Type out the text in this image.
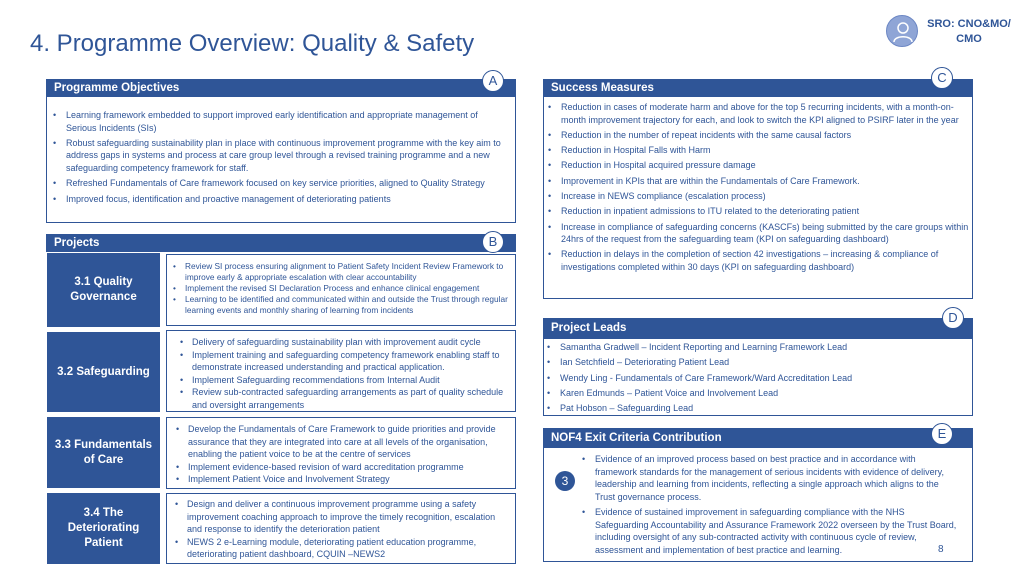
4. Programme Overview: Quality & Safety
SRO: CNO&MO/ CMO
Programme Objectives	A
• Learning framework embedded to support improved early identification and appropriate management of Serious Incidents (SIs)
• Robust safeguarding sustainability plan in place with continuous improvement programme with the key aim to address gaps in systems and process at care group level through a revised training programme and a new safeguarding competency framework for staff.
• Refreshed Fundamentals of Care framework focused on key service priorities, aligned to Quality Strategy
• Improved focus, identification and proactive management of deteriorating patients
Projects	B
3.1 Quality Governance
• Review SI process ensuring alignment to Patient Safety Incident Review Framework to improve early & appropriate escalation with clear accountability
• Implement the revised SI Declaration Process and enhance clinical engagement
• Learning to be identified and communicated within and outside the Trust through regular learning events and monthly sharing of learning from incidents
3.2 Safeguarding
• Delivery of safeguarding sustainability plan with improvement audit cycle
• Implement training and safeguarding competency framework enabling staff to demonstrate increased understanding and practical application.
• Implement Safeguarding recommendations from Internal Audit
• Review sub-contracted safeguarding arrangements as part of quality schedule and oversight arrangements
3.3 Fundamentals of Care
• Develop the Fundamentals of Care Framework to guide priorities and provide assurance that they are integrated into care at all levels of the organisation, enabling the patient voice to be at the centre of services
• Implement evidence-based revision of ward accreditation programme
• Implement Patient Voice and Involvement Strategy
3.4 The Deteriorating Patient
• Design and deliver a continuous improvement programme using a safety improvement coaching approach to improve the timely recognition, escalation and response to identify the deterioration patient
• NEWS 2 e-Learning module, deteriorating patient education programme, deteriorating patient dashboard, CQUIN –NEWS2
Success Measures
C
• Reduction in cases of moderate harm and above for the top 5 recurring incidents, with a month-on-month improvement trajectory for each, and look to switch the KPI aligned to PSIRF later in the year
• Reduction in the number of repeat incidents with the same causal factors
• Reduction in Hospital Falls with Harm
• Reduction in Hospital acquired pressure damage
• Improvement in KPIs that are within the Fundamentals of Care Framework.
• Increase in NEWS compliance (escalation process)
• Reduction in inpatient admissions to ITU related to the deteriorating patient
• Increase in compliance of safeguarding concerns (KASCFs) being submitted by the care groups within 24hrs of the request from the safeguarding team (KPI on safeguarding dashboard)
• Reduction in delays in the completion of section 42 investigations – increasing & compliance of investigations completed within 30 days (KPI on safeguarding dashboard)
Project Leads
D
• Samantha Gradwell – Incident Reporting and Learning Framework Lead
• Ian Setchfield – Deteriorating Patient Lead
• Wendy Ling - Fundamentals of Care Framework/Ward Accreditation Lead
• Karen Edmunds – Patient Voice and Involvement Lead
• Pat Hobson – Safeguarding Lead
NOF4 Exit Criteria Contribution	E
3
• Evidence of an improved process based on best practice and in accordance with framework standards for the management of serious incidents with evidence of delivery, leadership and learning from incidents, reflecting a single approach which aligns to the Trust governance process.
• Evidence of sustained improvement in safeguarding compliance with the NHS Safeguarding Accountability and Assurance Framework 2022 overseen by the Trust Board, including oversight of any sub-contracted activity with continuous cycle of review, assessment and implementation of best practice and learning.	8
